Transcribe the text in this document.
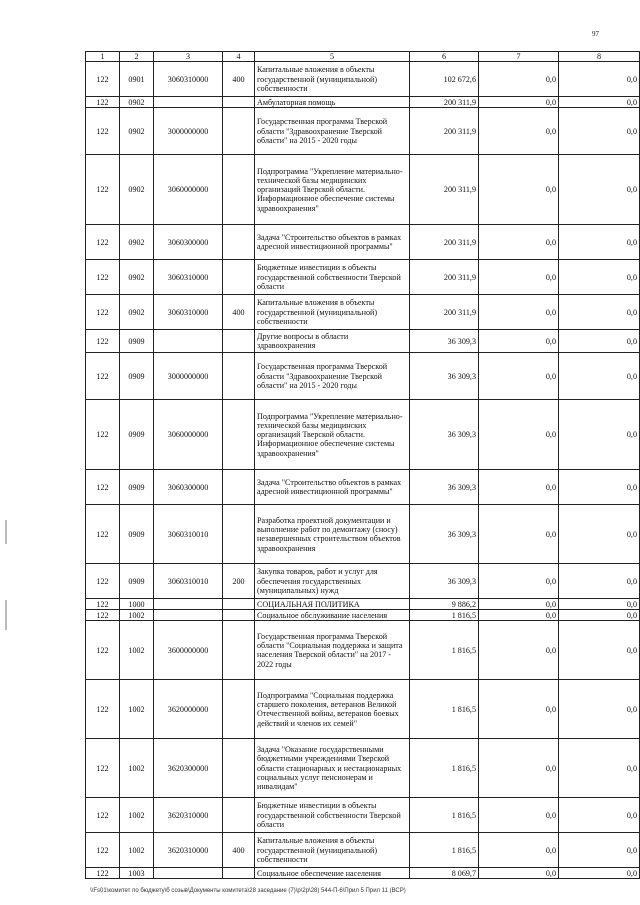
97
1	2	3	4	5	6	7	8
122	0901	3060310000	400	Капитальные вложения в объекты государственной (муниципальной) собственности	102 672,6	0,0	0,0
122	0902			Амбулаторная помощь	200 311,9	0,0	0,0
122	0902	3000000000		Государственная программа Тверской области "Здравоохранение Тверской области" на 2015 - 2020 годы	200 311,9	0,0	0,0
122	0902	3060000000		Подпрограмма "Укрепление материально-технической базы медицинских организаций Тверской области. Информационное обеспечение системы здравоохранения"	200 311,9	0,0	0,0
122	0902	3060300000		Задача "Строительство объектов в рамках адресной инвестиционной программы"	200 311,9	0,0	0,0
122	0902	3060310000		Бюджетные инвестиции в объекты государственной собственности Тверской области	200 311,9	0,0	0,0
122	0902	3060310000	400	Капитальные вложения в объекты государственной (муниципальной) собственности	200 311,9	0,0	0,0
122	0909			Другие вопросы в области здравоохранения	36 309,3	0,0	0,0
122	0909	3000000000		Государственная программа Тверской области "Здравоохранение Тверской области" на 2015 - 2020 годы	36 309,3	0,0	0,0
122	0909	3060000000		Подпрограмма "Укрепление материально-технической базы медицинских организаций Тверской области. Информационное обеспечение системы здравоохранения"	36 309,3	0,0	0,0
122	0909	3060300000		Задача "Строительство объектов в рамках адресной инвестиционной программы"	36 309,3	0,0	0,0
122	0909	3060310010		Разработка проектной документации и выполнение работ по демонтажу (сносу) незавершенных строительством объектов здравоохранения	36 309,3	0,0	0,0
122	0909	3060310010	200	Закупка товаров, работ и услуг для обеспечения государственных (муниципальных) нужд	36 309,3	0,0	0,0
122	1000			СОЦИАЛЬНАЯ ПОЛИТИКА	9 886,2	0,0	0,0
122	1002			Социальное обслуживание населения	1 816,5	0,0	0,0
122	1002	3600000000		Государственная программа Тверской области "Социальная поддержка и защита населения Тверской области" на 2017 - 2022 годы	1 816,5	0,0	0,0
122	1002	3620000000		Подпрограмма "Социальная поддержка старшего поколения, ветеранов Великой Отечественной войны, ветеранов боевых действий и членов их семей"	1 816,5	0,0	0,0
122	1002	3620300000		Задача "Оказание государственными бюджетными учреждениями Тверской области стационарных и нестационарных социальных услуг пенсионерам и инвалидам"	1 816,5	0,0	0,0
122	1002	3620310000		Бюджетные инвестиции в объекты государственной собственности Тверской области	1 816,5	0,0	0,0
122	1002	3620310000	400	Капитальные вложения в объекты государственной (муниципальной) собственности	1 816,5	0,0	0,0
122	1003			Социальное обеспечение населения	8 069,7	0,0	0,0
\\Fs01\комитет по бюджету\б созыв\Документы комитета\28 заседание (7)\р\2р\28) 544-П-6\Прил 5 Прил 11 (ВСР)
